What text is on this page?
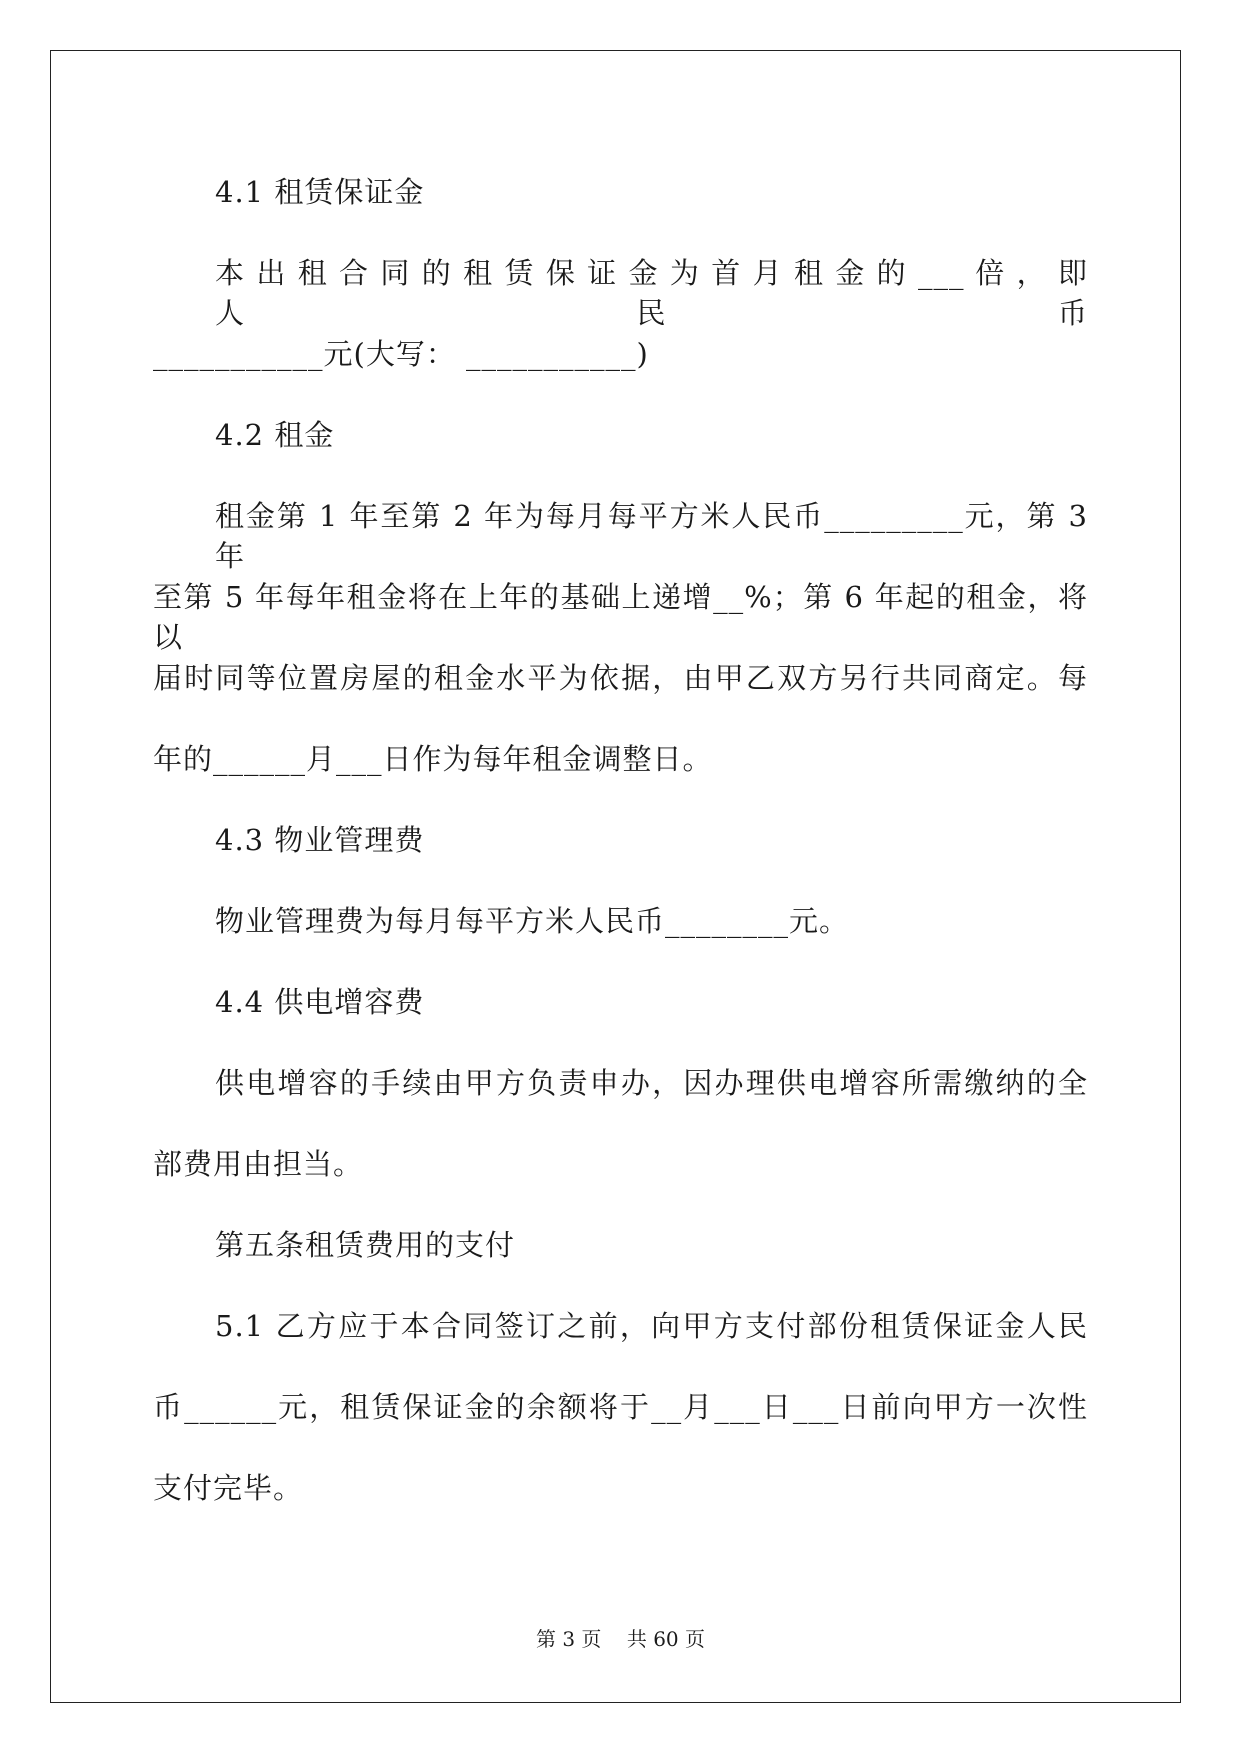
4.1 租赁保证金
本 出 租 合 同 的 租 赁 保 证 金 为 首 月 租 金 的 ___ 倍 ， 即 人 民 币
___________元(大写： ___________)
4.2 租金
租金第 1 年至第 2 年为每月每平方米人民币_________元，第 3 年
至第 5 年每年租金将在上年的基础上递增__%；第 6 年起的租金，将以
届时同等位置房屋的租金水平为依据，由甲乙双方另行共同商定。每
年的______月___日作为每年租金调整日。
4.3 物业管理费
物业管理费为每月每平方米人民币________元。
4.4 供电增容费
供电增容的手续由甲方负责申办，因办理供电增容所需缴纳的全
部费用由担当。
第五条租赁费用的支付
5.1 乙方应于本合同签订之前，向甲方支付部份租赁保证金人民
币______元，租赁保证金的余额将于__月___日___日前向甲方一次性
支付完毕。
第 3 页    共 60 页
